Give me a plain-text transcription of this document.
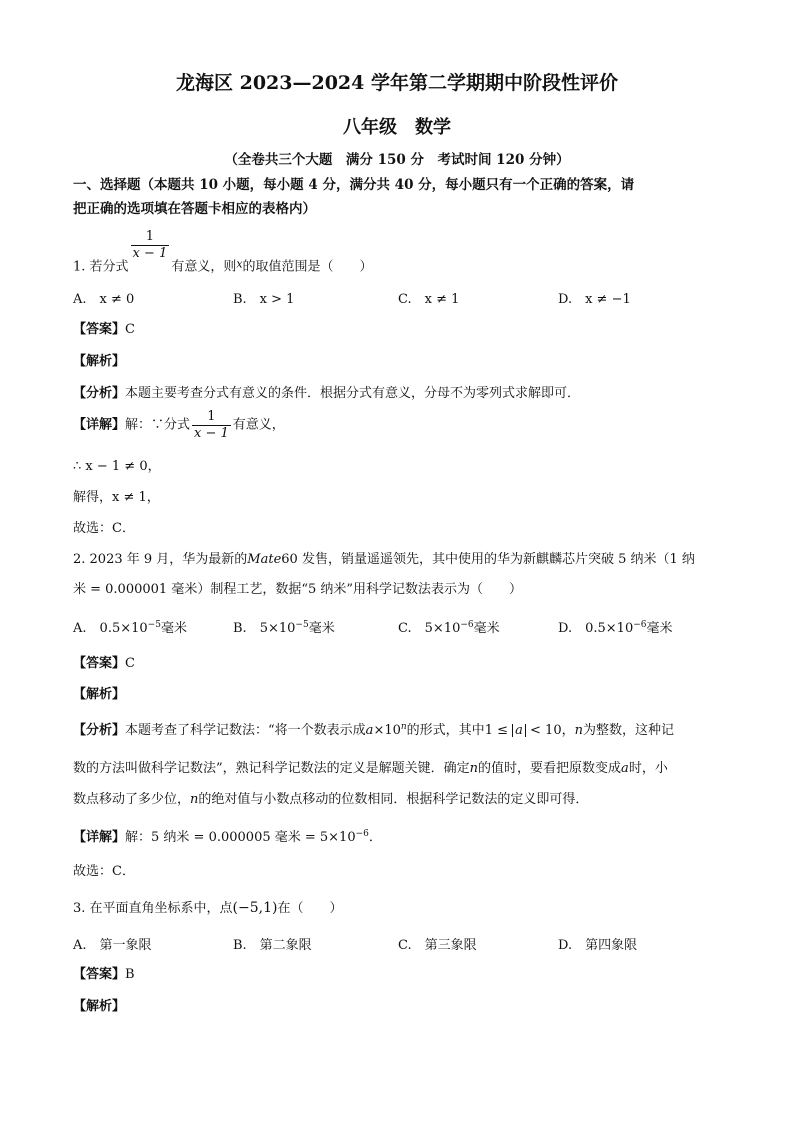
龙海区 2023—2024 学年第二学期期中阶段性评价
八年级　数学
（全卷共三个大题　满分 150 分　考试时间 120 分钟）
一、选择题（本题共 10 小题，每小题 4 分，满分共 40 分，每小题只有一个正确的答案，请
把正确的选项填在答题卡相应的表格内）
1. 若分式
$\frac{1}{x - 1}$
有意义，则$^x$的取值范围是（　　）
A.　x ≠ 0	B.　x > 1	C.　x ≠ 1	D.　x ≠ −1
【答案】C
【解析】
【分析】本题主要考查分式有意义的条件．根据分式有意义，分母不为零列式求解即可．
【详解】解：∵分式 $\frac{1}{x - 1}$ 有意义，
∴ x − 1 ≠ 0，
解得，x ≠ 1，
故选：C．
2. 2023 年 9 月，华为最新的Mate60 发售，销量遥遥领先，其中使用的华为新麒麟芯片突破 5 纳米（1 纳
米 = 0.000001 毫米）制程工艺，数据“5 纳米”用科学记数法表示为（　　）
A.　 $0.5\times 10^{-5}$毫米	B.　 $5\times 10^{-5}$毫米	C.　 $5\times 10^{-6}$毫米	D.　 $0.5\times 10^{-6}$毫米
【答案】C
【解析】
【分析】本题考查了科学记数法：“将一个数表示成$a\times 10^n$的形式，其中1 ≤ a < 10，n为整数，这种记
数的方法叫做科学记数法”，熟记科学记数法的定义是解题关键．确定n的值时，要看把原数变成a时，小
数点移动了多少位，n的绝对值与小数点移动的位数相同．根据科学记数法的定义即可得．
【详解】解：5 纳米 = 0.000005 毫米 = $5\times 10^{-6}$．
故选：C．
3. 在平面直角坐标系中，点(−5,1)在（　　）
A.　第一象限	B.　第二象限	C.　第三象限	D.　第四象限
【答案】B
【解析】
